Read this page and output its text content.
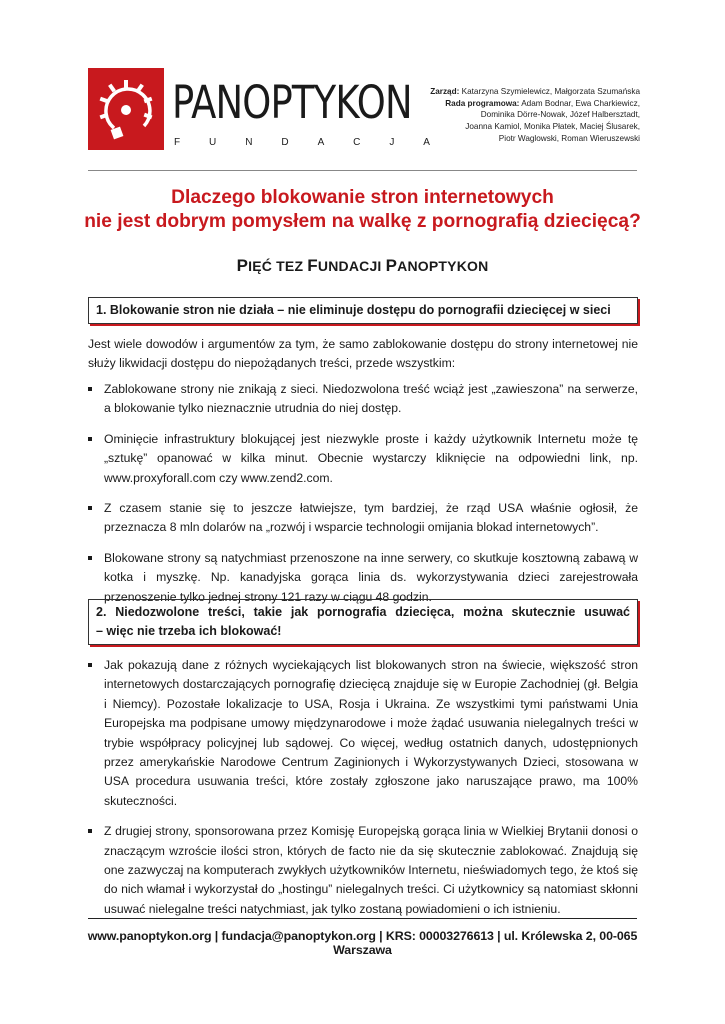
PANOPTYKON
F	U	N	D	A	C	J	A
Zarząd: Katarzyna Szymielewicz, Małgorzata Szumańska
Rada programowa: Adam Bodnar, Ewa Charkiewicz,
Dominika Dörre-Nowak, Józef Halbersztadt,
Joanna Kamiol, Monika Płatek, Maciej Ślusarek,
Piotr Waglowski, Roman Wieruszewski
Dlaczego blokowanie stron internetowych
nie jest dobrym pomysłem na walkę z pornografią dziecięcą?
PIĘĆ TEZ FUNDACJI PANOPTYKON
1. Blokowanie stron nie działa – nie eliminuje dostępu do pornografii dziecięcej w sieci
Jest wiele dowodów i argumentów za tym, że samo zablokowanie dostępu do strony internetowej nie służy likwidacji dostępu do niepożądanych treści, przede wszystkim:
Zablokowane strony nie znikają z sieci. Niedozwolona treść wciąż jest „zawieszona” na serwerze, a blokowanie tylko nieznacznie utrudnia do niej dostęp.
Ominięcie infrastruktury blokującej jest niezwykle proste i każdy użytkownik Internetu może tę „sztukę” opanować w kilka minut. Obecnie wystarczy kliknięcie na odpowiedni link, np. www.proxyforall.com czy www.zend2.com.
Z czasem stanie się to jeszcze łatwiejsze, tym bardziej, że rząd USA właśnie ogłosił, że przeznacza 8 mln dolarów na „rozwój i wsparcie technologii omijania blokad internetowych”.
Blokowane strony są natychmiast przenoszone na inne serwery, co skutkuje kosztowną zabawą w kotka i myszkę. Np. kanadyjska gorąca linia ds. wykorzystywania dzieci zarejestrowała przenoszenie tylko jednej strony 121 razy w ciągu 48 godzin.
2. Niedozwolone treści, takie jak pornografia dziecięca, można skutecznie usuwać
– więc nie trzeba ich blokować!
Jak pokazują dane z różnych wyciekających list blokowanych stron na świecie, większość stron internetowych dostarczających pornografię dziecięcą znajduje się w Europie Zachodniej (gł. Belgia i Niemcy). Pozostałe lokalizacje to USA, Rosja i Ukraina. Ze wszystkimi tymi państwami Unia Europejska ma podpisane umowy międzynarodowe i może żądać usuwania nielegalnych treści w trybie współpracy policyjnej lub sądowej. Co więcej, według ostatnich danych, udostępnionych przez amerykańskie Narodowe Centrum Zaginionych i Wykorzystywanych Dzieci, stosowana w USA procedura usuwania treści, które zostały zgłoszone jako naruszające prawo, ma 100% skuteczności.
Z drugiej strony, sponsorowana przez Komisję Europejską gorąca linia w Wielkiej Brytanii donosi o znaczącym wzroście ilości stron, których de facto nie da się skutecznie zablokować. Znajdują się one zazwyczaj na komputerach zwykłych użytkowników Internetu, nieświadomych tego, że ktoś się do nich włamał i wykorzystał do „hostingu” nielegalnych treści. Ci użytkownicy są natomiast skłonni usuwać nielegalne treści natychmiast, jak tylko zostaną powiadomieni o ich istnieniu.
www.panoptykon.org | fundacja@panoptykon.org | KRS: 00003276613 | ul. Królewska 2, 00-065 Warszawa
